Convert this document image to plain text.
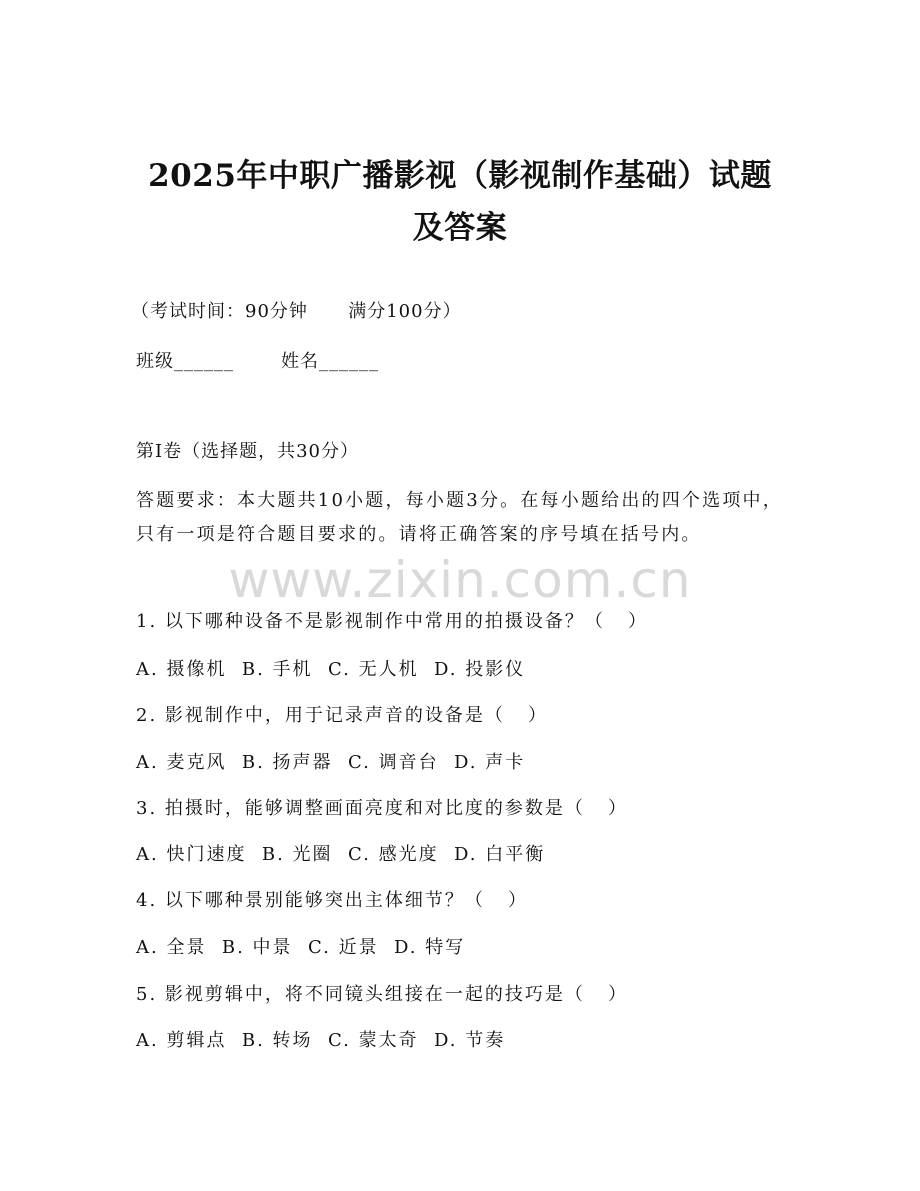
2025年中职广播影视（影视制作基础）试题
及答案
（考试时间：90分钟      满分100分）
班级______       姓名______
第I卷（选择题，共30分）
答题要求：本大题共10小题，每小题3分。在每小题给出的四个选项中，只有一项是符合题目要求的。请将正确答案的序号填在括号内。
www.zixin.com.cn
1. 以下哪种设备不是影视制作中常用的拍摄设备？（   ）
A. 摄像机  B. 手机  C. 无人机  D. 投影仪
2. 影视制作中，用于记录声音的设备是（   ）
A. 麦克风  B. 扬声器  C. 调音台  D. 声卡
3. 拍摄时，能够调整画面亮度和对比度的参数是（   ）
A. 快门速度  B. 光圈  C. 感光度  D. 白平衡
4. 以下哪种景别能够突出主体细节？（   ）
A. 全景  B. 中景  C. 近景  D. 特写
5. 影视剪辑中，将不同镜头组接在一起的技巧是（   ）
A. 剪辑点  B. 转场  C. 蒙太奇  D. 节奏
